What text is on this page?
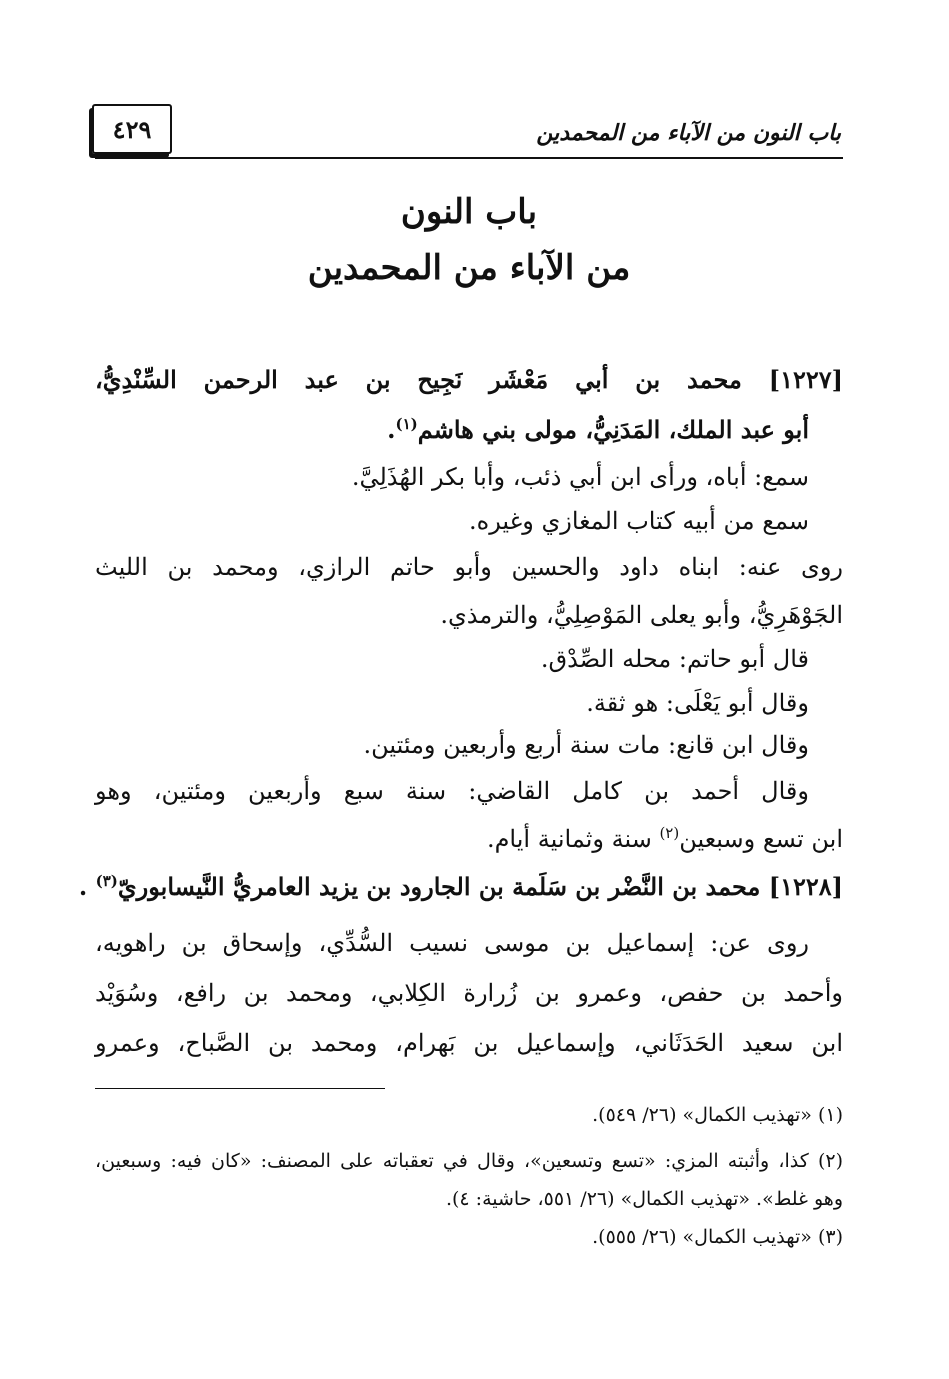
باب النون من الآباء من المحمدين
٤٢٩
باب النون
من الآباء من المحمدين
[١٢٢٧] محمد بن أبي مَعْشَر نَجِيح بن عبد الرحمن السِّنْدِيُّ،
أبو عبد الملك، المَدَنِيُّ، مولى بني هاشم$^{(١)}$.
سمع: أباه، ورأى ابن أبي ذئب، وأبا بكر الهُذَلِيَّ.
سمع من أبيه كتاب المغازي وغيره.
روى عنه: ابناه داود والحسين وأبو حاتم الرازي، ومحمد بن الليث
الجَوْهَرِيُّ، وأبو يعلى المَوْصِلِيُّ، والترمذي.
قال أبو حاتم: محله الصِّدْق.
وقال أبو يَعْلَى: هو ثقة.
وقال ابن قانع: مات سنة أربع وأربعين ومئتين.
وقال أحمد بن كامل القاضي: سنة سبع وأربعين ومئتين، وهو
ابن تسع وسبعين$^{(٢)}$ سنة وثمانية أيام.
[١٢٢٨] محمد بن النَّضْر بن سَلَمة بن الجارود بن يزيد العامريُّ النَّيسابوريّ$^{(٣)}$ .
روى عن: إسماعيل بن موسى نسيب السُّدِّي، وإسحاق بن راهويه،
وأحمد بن حفص، وعمرو بن زُرارة الكِلابي، ومحمد بن رافع، وسُوَيْد
ابن سعيد الحَدَثَاني، وإسماعيل بن بَهرام، ومحمد بن الصَّباح، وعمرو
(١) «تهذيب الكمال» (٢٦/ ٥٤٩).
(٢) كذا، وأثبته المزي: «تسع وتسعين»، وقال في تعقباته على المصنف: «كان فيه: وسبعين،
وهو غلط». «تهذيب الكمال» (٢٦/ ٥٥١، حاشية: ٤).
(٣) «تهذيب الكمال» (٢٦/ ٥٥٥).
